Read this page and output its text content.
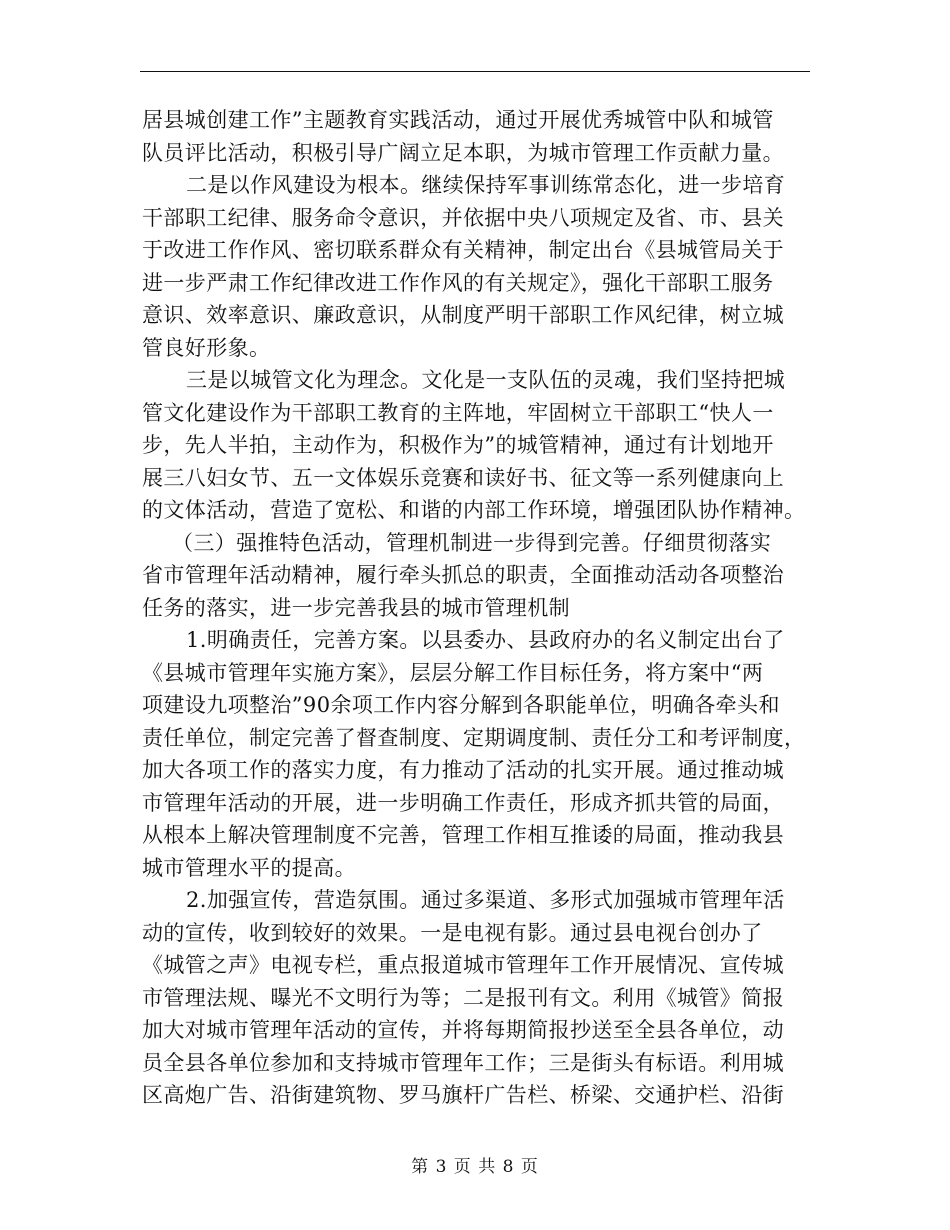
居县城创建工作”主题教育实践活动，通过开展优秀城管中队和城管
队员评比活动，积极引导广阔立足本职，为城市管理工作贡献力量。
二是以作风建设为根本。继续保持军事训练常态化，进一步培育
干部职工纪律、服务命令意识，并依据中央八项规定及省、市、县关
于改进工作作风、密切联系群众有关精神，制定出台《县城管局关于
进一步严肃工作纪律改进工作作风的有关规定》，强化干部职工服务
意识、效率意识、廉政意识，从制度严明干部职工作风纪律，树立城
管良好形象。
三是以城管文化为理念。文化是一支队伍的灵魂，我们坚持把城
管文化建设作为干部职工教育的主阵地，牢固树立干部职工“快人一
步，先人半拍，主动作为，积极作为”的城管精神，通过有计划地开
展三八妇女节、五一文体娱乐竞赛和读好书、征文等一系列健康向上
的文体活动，营造了宽松、和谐的内部工作环境，增强团队协作精神。
（三）强推特色活动，管理机制进一步得到完善。仔细贯彻落实
省市管理年活动精神，履行牵头抓总的职责，全面推动活动各项整治
任务的落实，进一步完善我县的城市管理机制
1.明确责任，完善方案。以县委办、县政府办的名义制定出台了
《县城市管理年实施方案》，层层分解工作目标任务，将方案中“两
项建设九项整治”90余项工作内容分解到各职能单位，明确各牵头和
责任单位，制定完善了督查制度、定期调度制、责任分工和考评制度，
加大各项工作的落实力度，有力推动了活动的扎实开展。通过推动城
市管理年活动的开展，进一步明确工作责任，形成齐抓共管的局面，
从根本上解决管理制度不完善，管理工作相互推诿的局面，推动我县
城市管理水平的提高。
2.加强宣传，营造氛围。通过多渠道、多形式加强城市管理年活
动的宣传，收到较好的效果。一是电视有影。通过县电视台创办了
《城管之声》电视专栏，重点报道城市管理年工作开展情况、宣传城
市管理法规、曝光不文明行为等；二是报刊有文。利用《城管》简报
加大对城市管理年活动的宣传，并将每期简报抄送至全县各单位，动
员全县各单位参加和支持城市管理年工作；三是街头有标语。利用城
区高炮广告、沿街建筑物、罗马旗杆广告栏、桥梁、交通护栏、沿街
第 3 页 共 8 页
